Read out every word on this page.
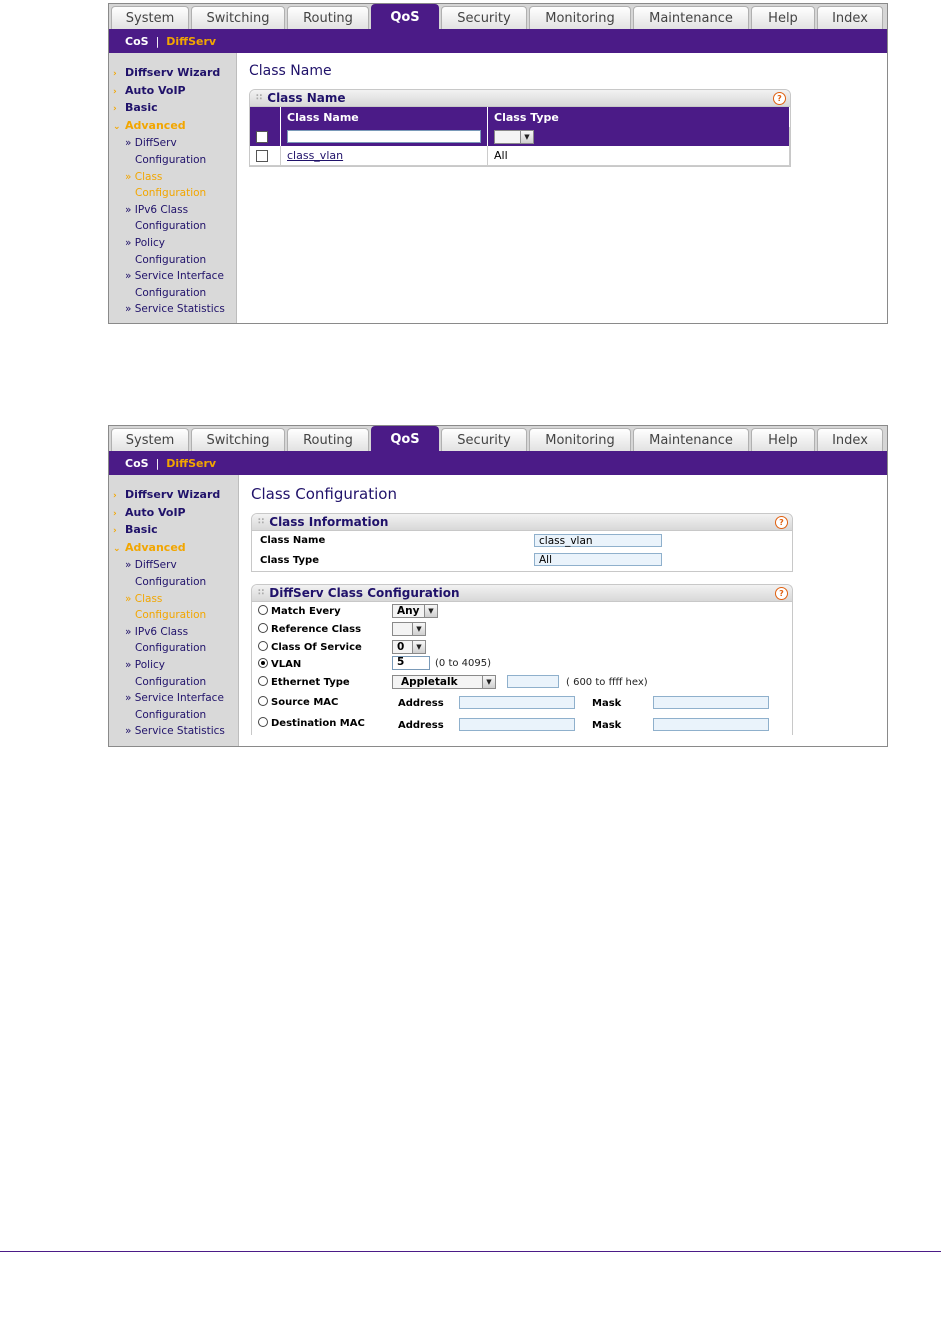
System	Switching	Routing	QoS	Security	Monitoring	Maintenance	Help	Index
CoS | DiffServ
› Diffserv Wizard
› Auto VoIP
› Basic
⌄ Advanced
» DiffServ
Configuration
» Class
Configuration
» IPv6 Class
Configuration
» Policy
Configuration
» Service Interface
Configuration
» Service Statistics
Class Name
∷ Class Name	?
	Class Name	Class Type

		▼

	class_vlan	All
System	Switching	Routing	QoS	Security	Monitoring	Maintenance	Help	Index
CoS | DiffServ
› Diffserv Wizard
› Auto VoIP
› Basic
⌄ Advanced
» DiffServ
Configuration
» Class
Configuration
» IPv6 Class
Configuration
» Policy
Configuration
» Service Interface
Configuration
» Service Statistics
Class Configuration
∷ Class Information	?
Class Name	class_vlan
Class Type	All
∷ DiffServ Class Configuration	?
Match Every	Any	▼
Reference Class	▼
Class Of Service	0	▼
VLAN	5	(0 to 4095)
Ethernet Type	Appletalk	▼	( 600 to ffff hex)
Source MAC	Address	Mask
Destination MAC	Address	Mask
